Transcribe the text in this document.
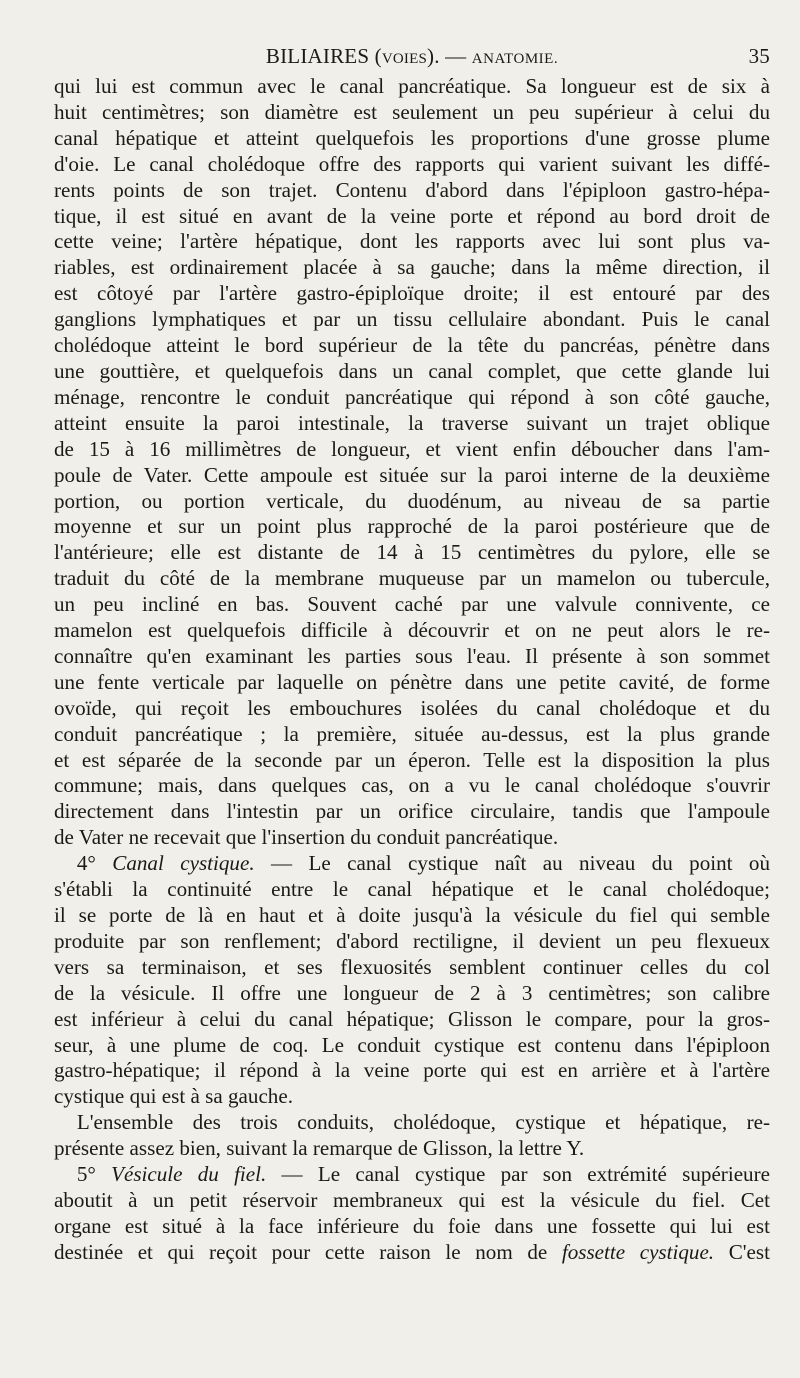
BILIAIRES (voies). — ANATOMIE.	35

qui lui est commun avec le canal pancréatique. Sa longueur est de six à
huit centimètres; son diamètre est seulement un peu supérieur à celui du
canal hépatique et atteint quelquefois les proportions d'une grosse plume
d'oie. Le canal cholédoque offre des rapports qui varient suivant les diffé-
rents points de son trajet. Contenu d'abord dans l'épiploon gastro-hépa-
tique, il est situé en avant de la veine porte et répond au bord droit de
cette veine; l'artère hépatique, dont les rapports avec lui sont plus va-
riables, est ordinairement placée à sa gauche; dans la même direction, il
est côtoyé par l'artère gastro-épiploïque droite; il est entouré par des
ganglions lymphatiques et par un tissu cellulaire abondant. Puis le canal
cholédoque atteint le bord supérieur de la tête du pancréas, pénètre dans
une gouttière, et quelquefois dans un canal complet, que cette glande lui
ménage, rencontre le conduit pancréatique qui répond à son côté gauche,
atteint ensuite la paroi intestinale, la traverse suivant un trajet oblique
de 15 à 16 millimètres de longueur, et vient enfin déboucher dans l'am-
poule de Vater. Cette ampoule est située sur la paroi interne de la deuxième
portion, ou portion verticale, du duodénum, au niveau de sa partie
moyenne et sur un point plus rapproché de la paroi postérieure que de
l'antérieure; elle est distante de 14 à 15 centimètres du pylore, elle se
traduit du côté de la membrane muqueuse par un mamelon ou tubercule,
un peu incliné en bas. Souvent caché par une valvule connivente, ce
mamelon est quelquefois difficile à découvrir et on ne peut alors le re-
connaître qu'en examinant les parties sous l'eau. Il présente à son sommet
une fente verticale par laquelle on pénètre dans une petite cavité, de forme
ovoïde, qui reçoit les embouchures isolées du canal cholédoque et du
conduit pancréatique ; la première, située au-dessus, est la plus grande
et est séparée de la seconde par un éperon. Telle est la disposition la plus
commune; mais, dans quelques cas, on a vu le canal cholédoque s'ouvrir
directement dans l'intestin par un orifice circulaire, tandis que l'ampoule
de Vater ne recevait que l'insertion du conduit pancréatique.

  4° Canal cystique. — Le canal cystique naît au niveau du point où
s'établi la continuité entre le canal hépatique et le canal cholédoque;
il se porte de là en haut et à doite jusqu'à la vésicule du fiel qui semble
produite par son renflement; d'abord rectiligne, il devient un peu flexueux
vers sa terminaison, et ses flexuosités semblent continuer celles du col
de la vésicule. Il offre une longueur de 2 à 3 centimètres; son calibre
est inférieur à celui du canal hépatique; Glisson le compare, pour la gros-
seur, à une plume de coq. Le conduit cystique est contenu dans l'épiploon
gastro-hépatique; il répond à la veine porte qui est en arrière et à l'artère
cystique qui est à sa gauche.

  L'ensemble des trois conduits, cholédoque, cystique et hépatique, re-
présente assez bien, suivant la remarque de Glisson, la lettre Y.

  5° Vésicule du fiel. — Le canal cystique par son extrémité supérieure
aboutit à un petit réservoir membraneux qui est la vésicule du fiel. Cet
organe est situé à la face inférieure du foie dans une fossette qui lui est
destinée et qui reçoit pour cette raison le nom de fossette cystique. C'est
